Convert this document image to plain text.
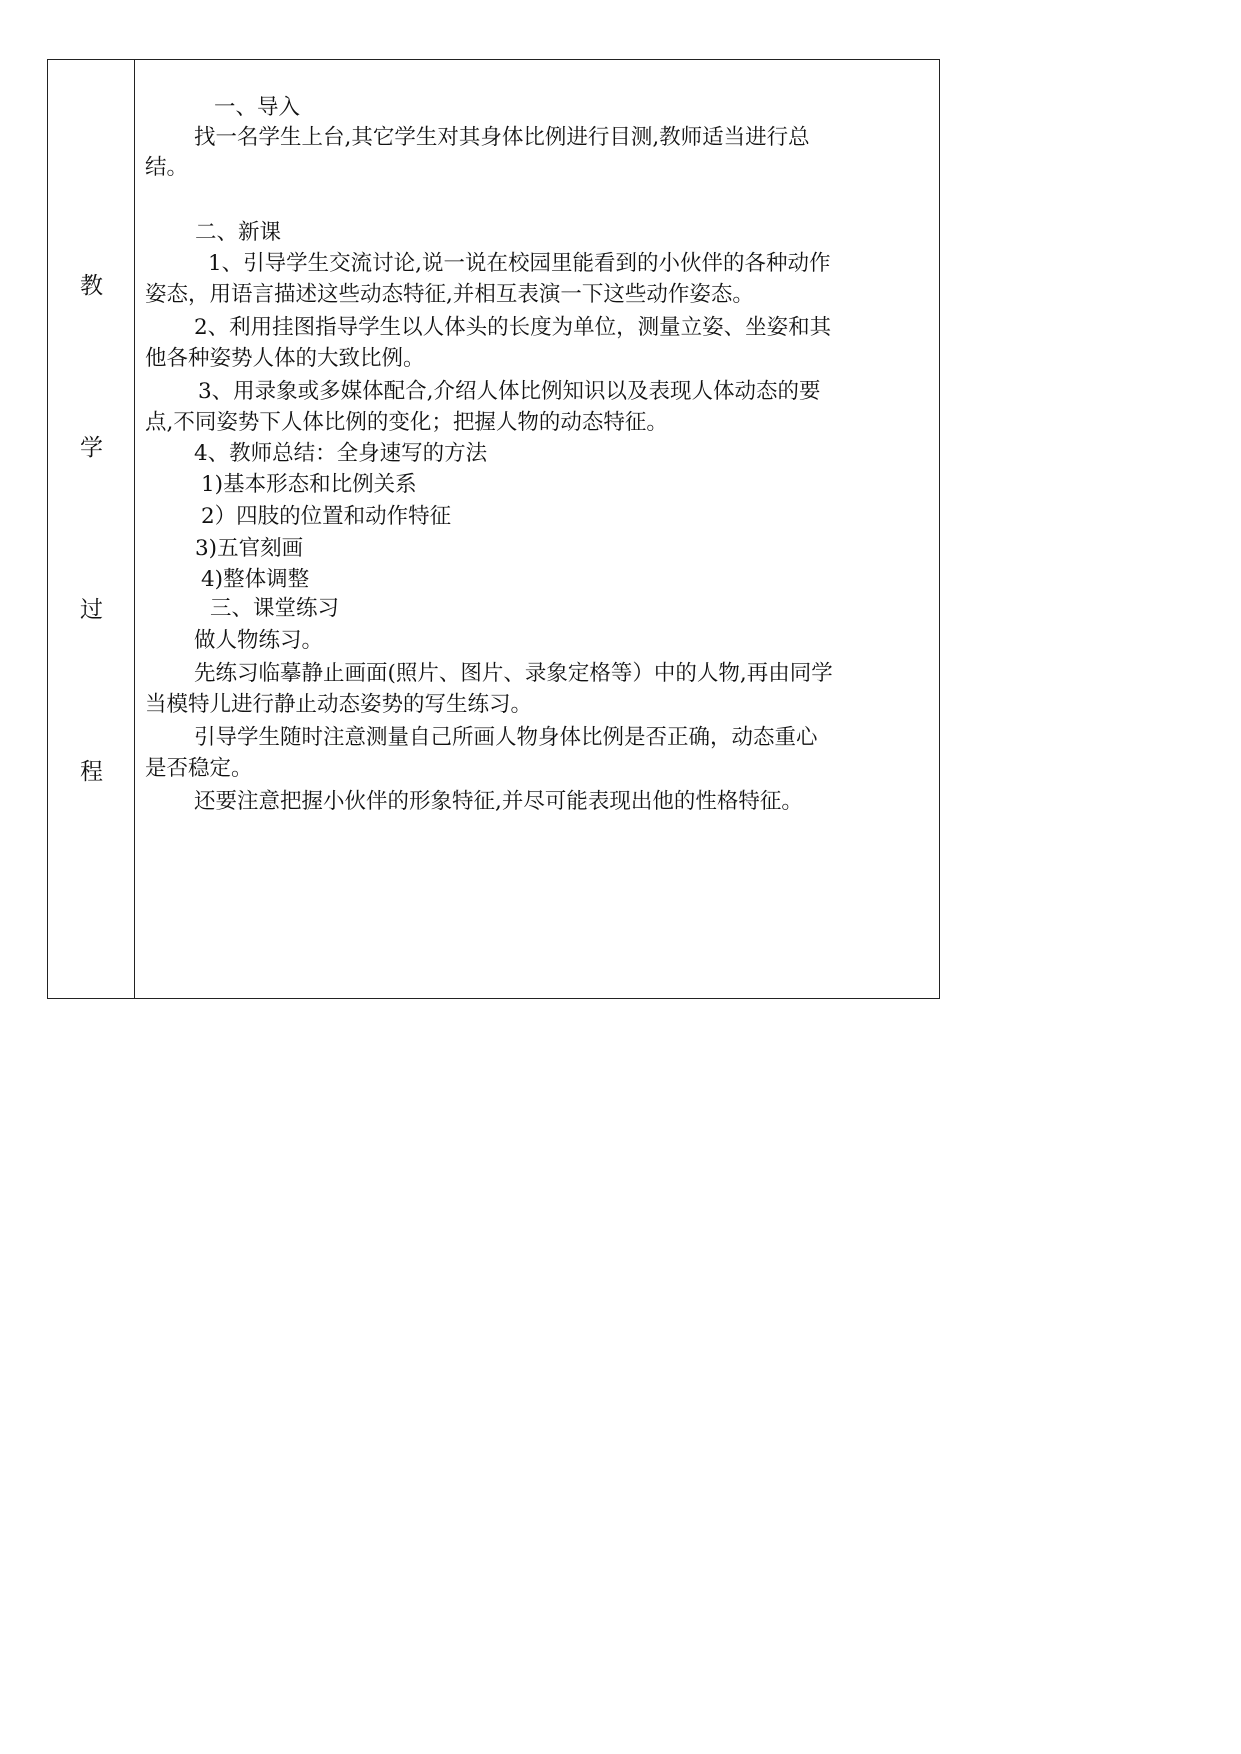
教
学
过
程
一、导入
找一名学生上台,其它学生对其身体比例进行目测,教师适当进行总
结。
二、新课
1、引导学生交流讨论,说一说在校园里能看到的小伙伴的各种动作
姿态，用语言描述这些动态特征,并相互表演一下这些动作姿态。
2、利用挂图指导学生以人体头的长度为单位，测量立姿、坐姿和其
他各种姿势人体的大致比例。
3、用录象或多媒体配合,介绍人体比例知识以及表现人体动态的要
点,不同姿势下人体比例的变化；把握人物的动态特征。
4、教师总结：全身速写的方法
1)基本形态和比例关系
2）四肢的位置和动作特征
3)五官刻画
4)整体调整
三、课堂练习
做人物练习。
先练习临摹静止画面(照片、图片、录象定格等）中的人物,再由同学
当模特儿进行静止动态姿势的写生练习。
引导学生随时注意测量自己所画人物身体比例是否正确，动态重心
是否稳定。
还要注意把握小伙伴的形象特征,并尽可能表现出他的性格特征。
